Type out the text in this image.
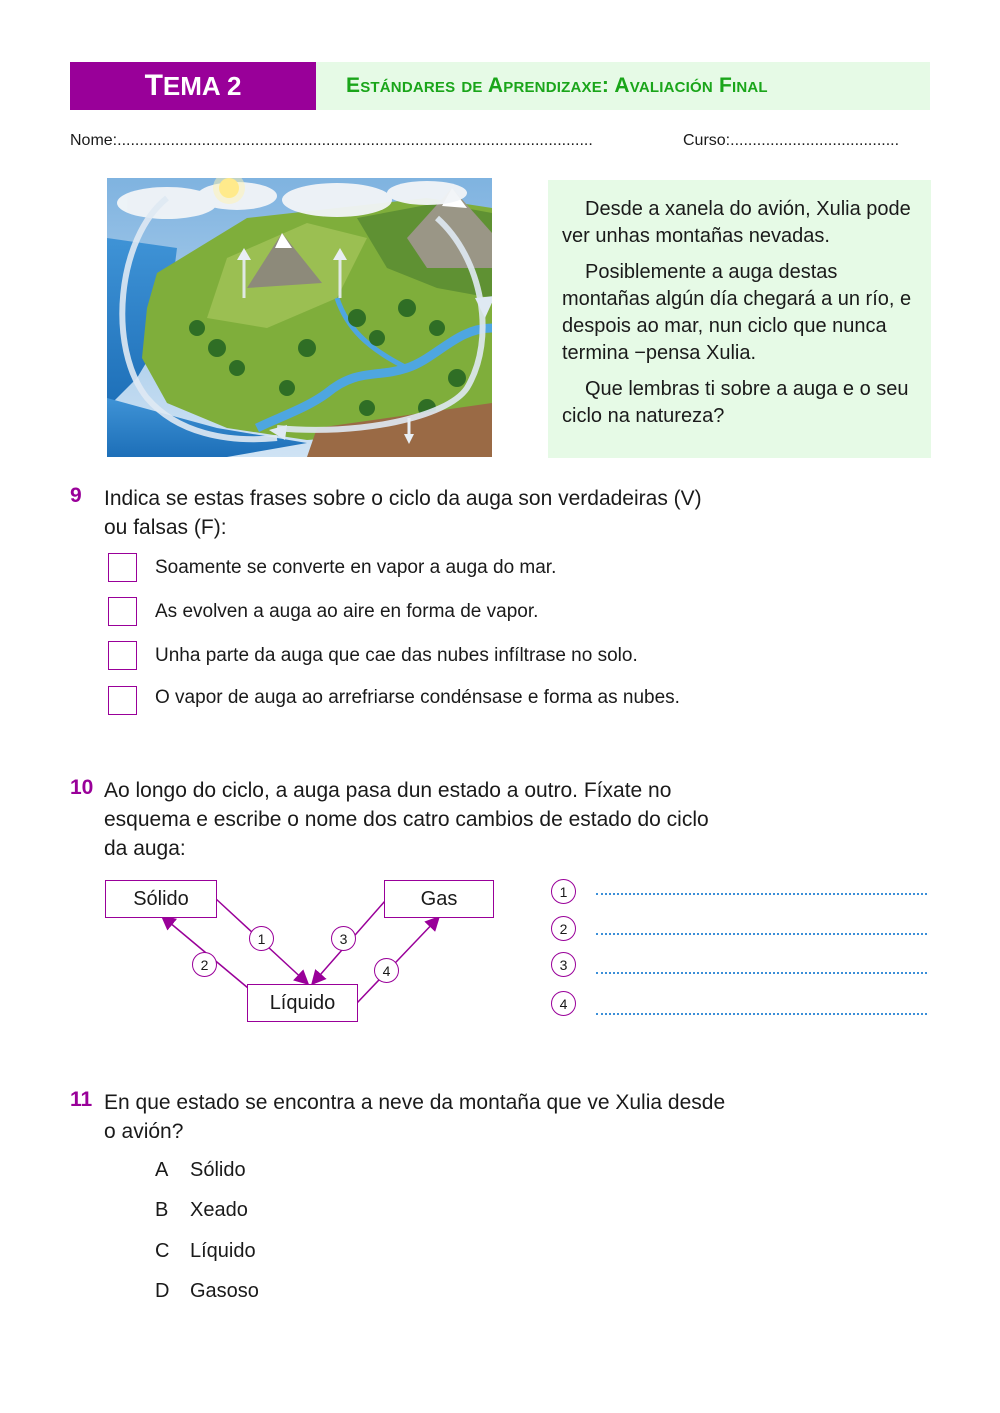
T EMA 2	Estándares de Aprendizaxe: Avaliación Final
Nome:...........................................................................................................	Curso:......................................

Desde a xanela do avión, Xulia pode ver unhas montañas nevadas.

Posiblemente a auga destas montañas algún día chegará a un río, e despois ao mar, nun ciclo que nunca termina −pensa Xulia.

Que lembras ti sobre a auga e o seu ciclo na natureza?

9 Indica se estas frases sobre o ciclo da auga son verdadeiras (V)
ou falsas (F):
Soamente se converte en vapor a auga do mar.
As evolven a auga ao aire en forma de vapor.
Unha parte da auga que cae das nubes infíltrase no solo.
O vapor de auga ao arrefriarse condénsase e forma as nubes.
10 Ao longo do ciclo, a auga pasa dun estado a outro. Fíxate no
esquema e escribe o nome dos catro cambios de estado do ciclo
da auga:
Sólido	Gas
Líquido
1
2
3
4
1
2
3
4
11 En que estado se encontra a neve da montaña que ve Xulia desde
o avión?
A Sólido
B Xeado
C Líquido
D Gasoso
